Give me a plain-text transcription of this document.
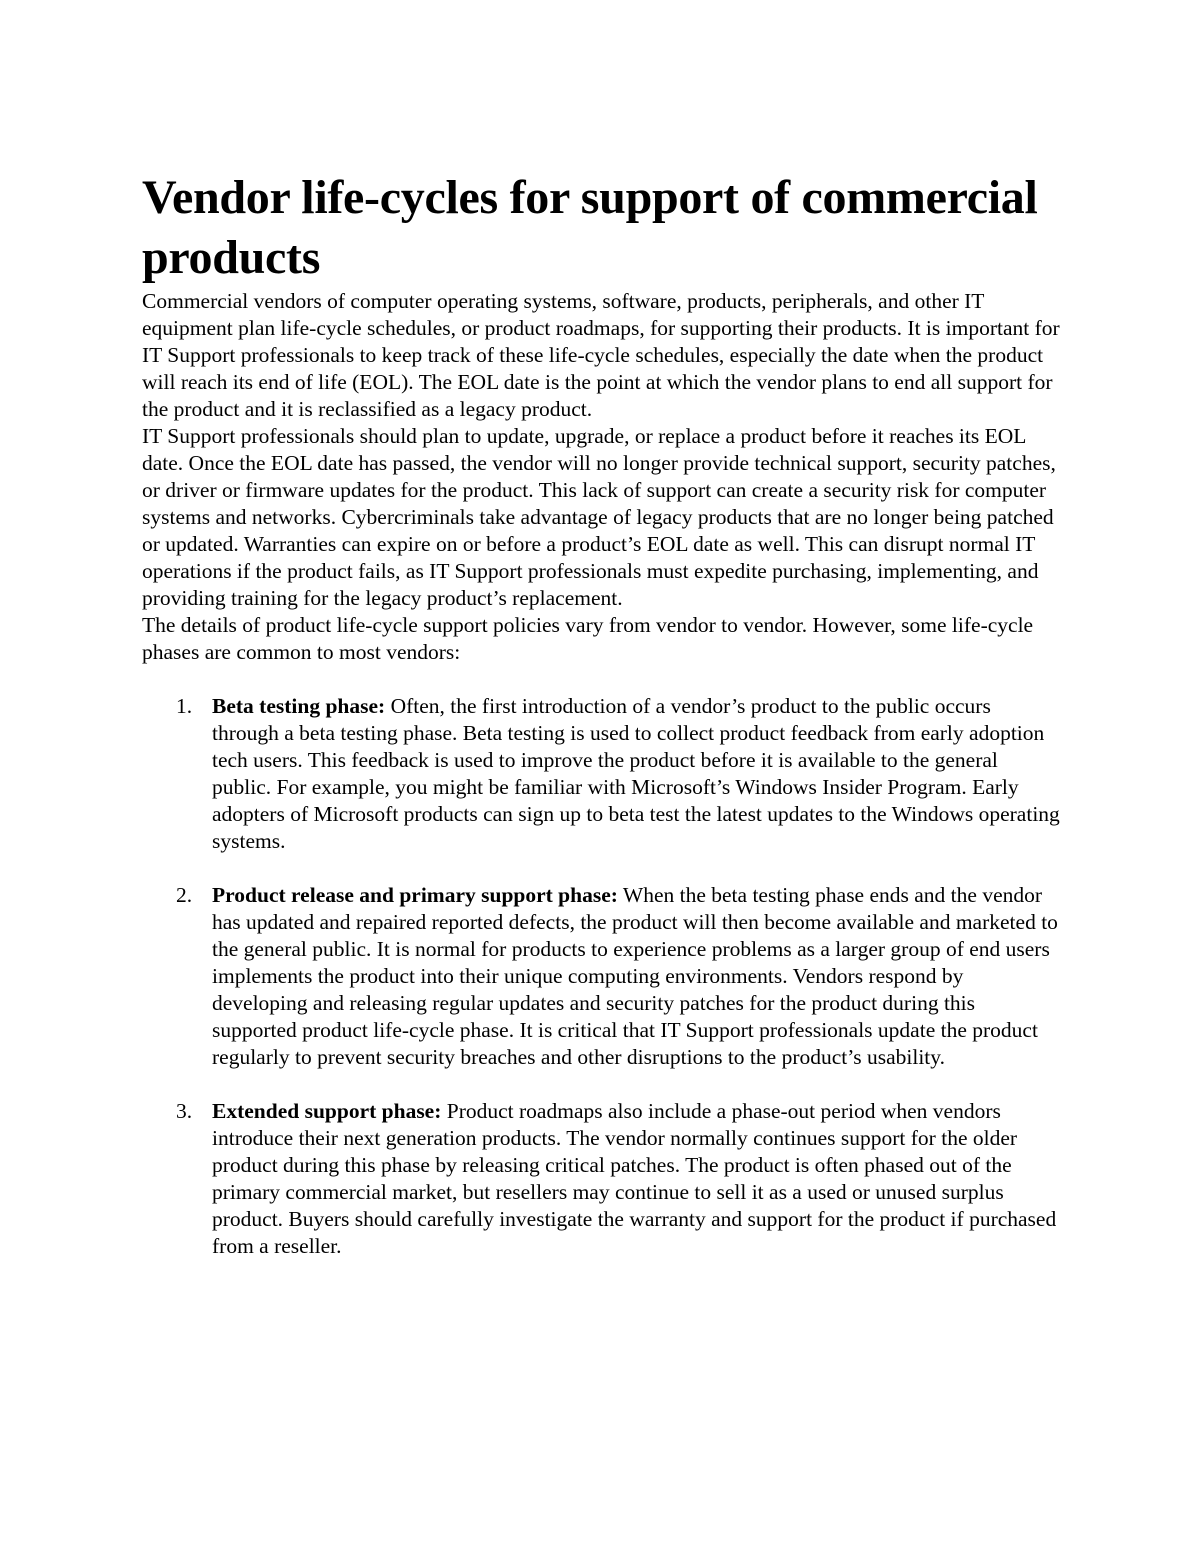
Vendor life-cycles for support of commercial products

Commercial vendors of computer operating systems, software, products, peripherals, and other IT equipment plan life-cycle schedules, or product roadmaps, for supporting their products. It is important for IT Support professionals to keep track of these life-cycle schedules, especially the date when the product will reach its end of life (EOL). The EOL date is the point at which the vendor plans to end all support for the product and it is reclassified as a legacy product.

IT Support professionals should plan to update, upgrade, or replace a product before it reaches its EOL date. Once the EOL date has passed, the vendor will no longer provide technical support, security patches, or driver or firmware updates for the product. This lack of support can create a security risk for computer systems and networks. Cybercriminals take advantage of legacy products that are no longer being patched or updated. Warranties can expire on or before a product’s EOL date as well. This can disrupt normal IT operations if the product fails, as IT Support professionals must expedite purchasing, implementing, and providing training for the legacy product’s replacement.

The details of product life-cycle support policies vary from vendor to vendor. However, some life-cycle phases are common to most vendors:

1. Beta testing phase: Often, the first introduction of a vendor’s product to the public occurs through a beta testing phase. Beta testing is used to collect product feedback from early adoption tech users. This feedback is used to improve the product before it is available to the general public. For example, you might be familiar with Microsoft’s Windows Insider Program. Early adopters of Microsoft products can sign up to beta test the latest updates to the Windows operating systems.
2. Product release and primary support phase: When the beta testing phase ends and the vendor has updated and repaired reported defects, the product will then become available and marketed to the general public. It is normal for products to experience problems as a larger group of end users implements the product into their unique computing environments. Vendors respond by developing and releasing regular updates and security patches for the product during this supported product life-cycle phase. It is critical that IT Support professionals update the product regularly to prevent security breaches and other disruptions to the product’s usability.
3. Extended support phase: Product roadmaps also include a phase-out period when vendors introduce their next generation products. The vendor normally continues support for the older product during this phase by releasing critical patches. The product is often phased out of the primary commercial market, but resellers may continue to sell it as a used or unused surplus product. Buyers should carefully investigate the warranty and support for the product if purchased from a reseller.
